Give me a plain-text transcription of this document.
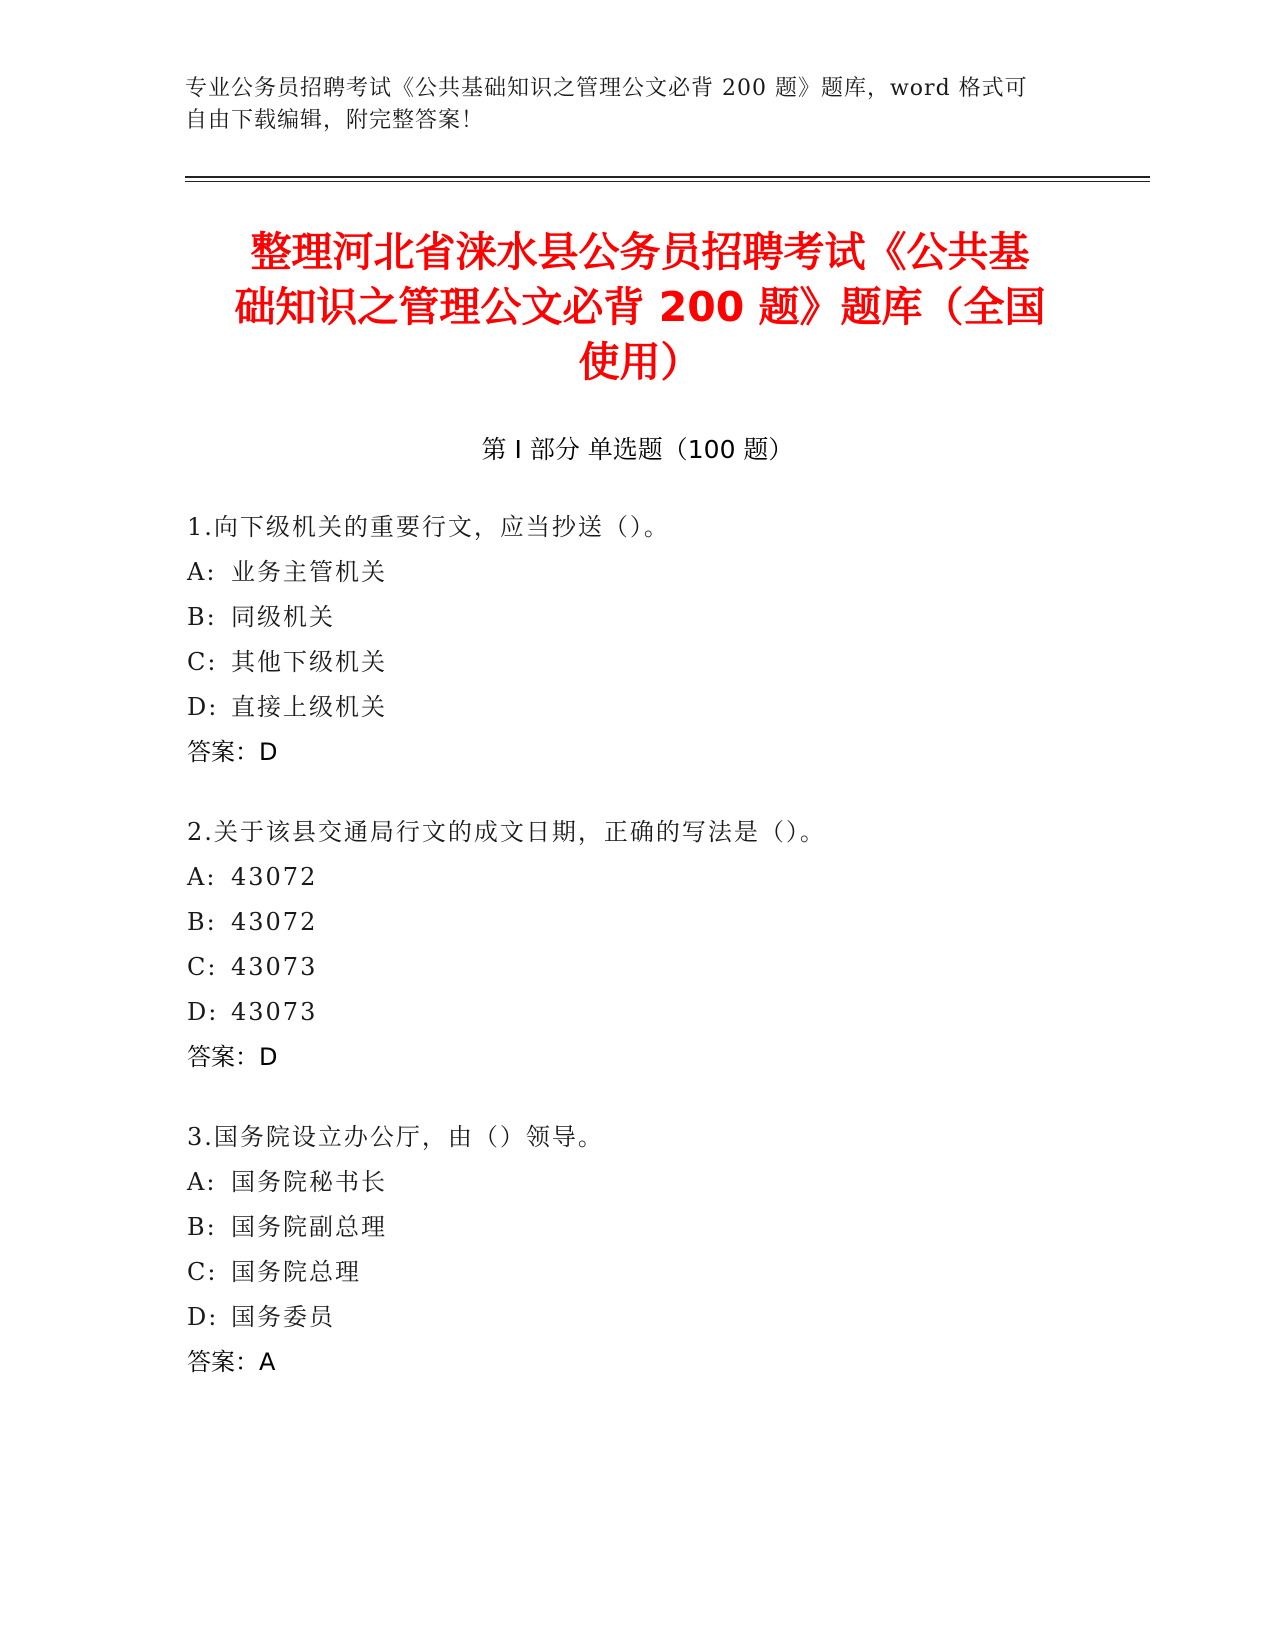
专业公务员招聘考试《公共基础知识之管理公文必背 200 题》题库，word 格式可
自由下载编辑，附完整答案！
整理河北省涞水县公务员招聘考试《公共基
础知识之管理公文必背 200 题》题库（全国
使用）
第 I 部分 单选题（100 题）
1.向下级机关的重要行文，应当抄送（）。
A: 业务主管机关
B: 同级机关
C: 其他下级机关
D: 直接上级机关
答案：D
2.关于该县交通局行文的成文日期，正确的写法是（）。
A: 43072
B: 43072
C: 43073
D: 43073
答案：D
3.国务院设立办公厅，由（）领导。
A: 国务院秘书长
B: 国务院副总理
C: 国务院总理
D: 国务委员
答案：A
